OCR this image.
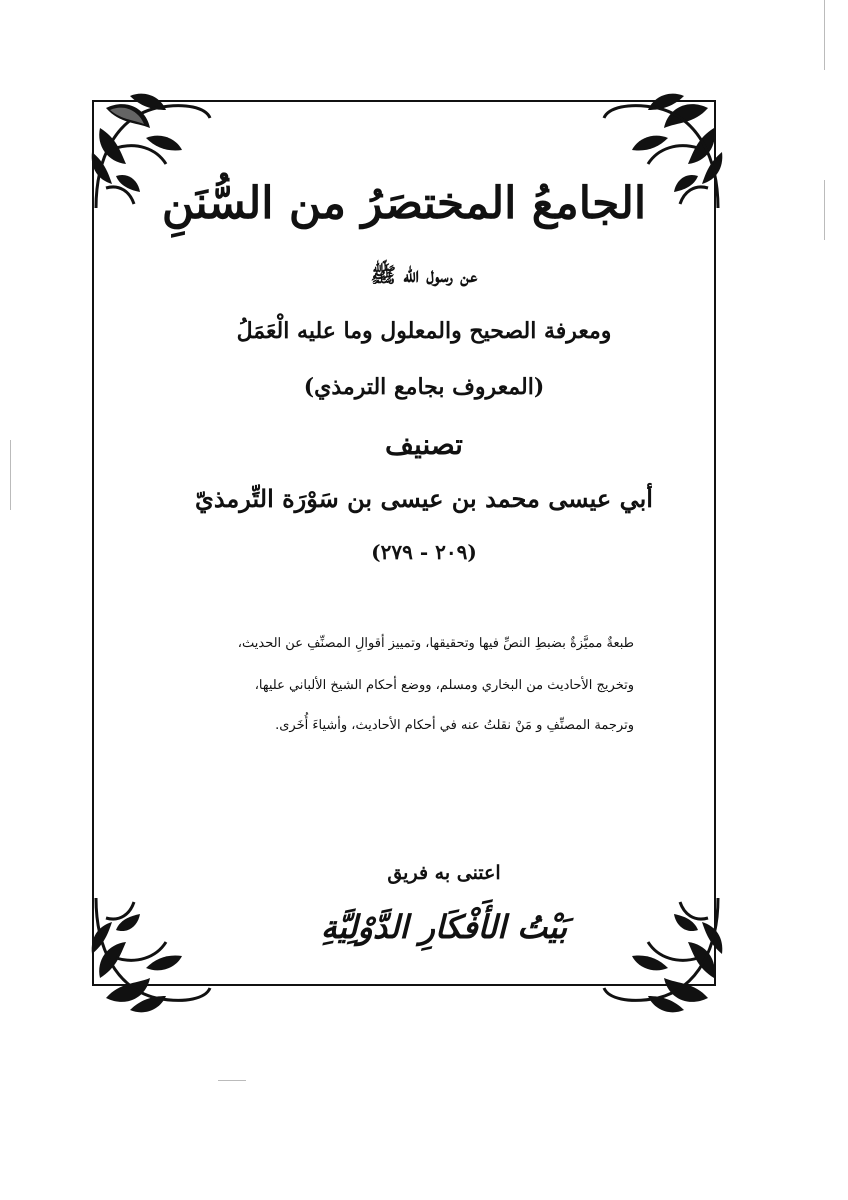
الجامعُ المختصَرُ من السُّنَنِ
عن رسول الله ﷺ
ومعرفة الصحيح والمعلول وما عليه الْعَمَلُ
(المعروف بجامع الترمذي)
تصنيف
أبي عيسى محمد بن عيسى بن سَوْرَة التِّرمذيّ
(٢٠٩ - ٢٧٩)
طبعةٌ مميَّزةٌ بضبطِ النصِّ فيها وتحقيقها، وتمييز أقوالِ المصنِّفِ عن الحديث،
وتخريج الأحاديث من البخاري ومسلم، ووضع أحكام الشيخ الألباني عليها،
وترجمة المصنِّفِ و مَنْ نقلتُ عنه في أحكام الأحاديث، وأشياءَ أُخَرى.
اعتنى به فريق
بَيْتُ الأَفْكَارِ الدَّوْلِيَّةِ
